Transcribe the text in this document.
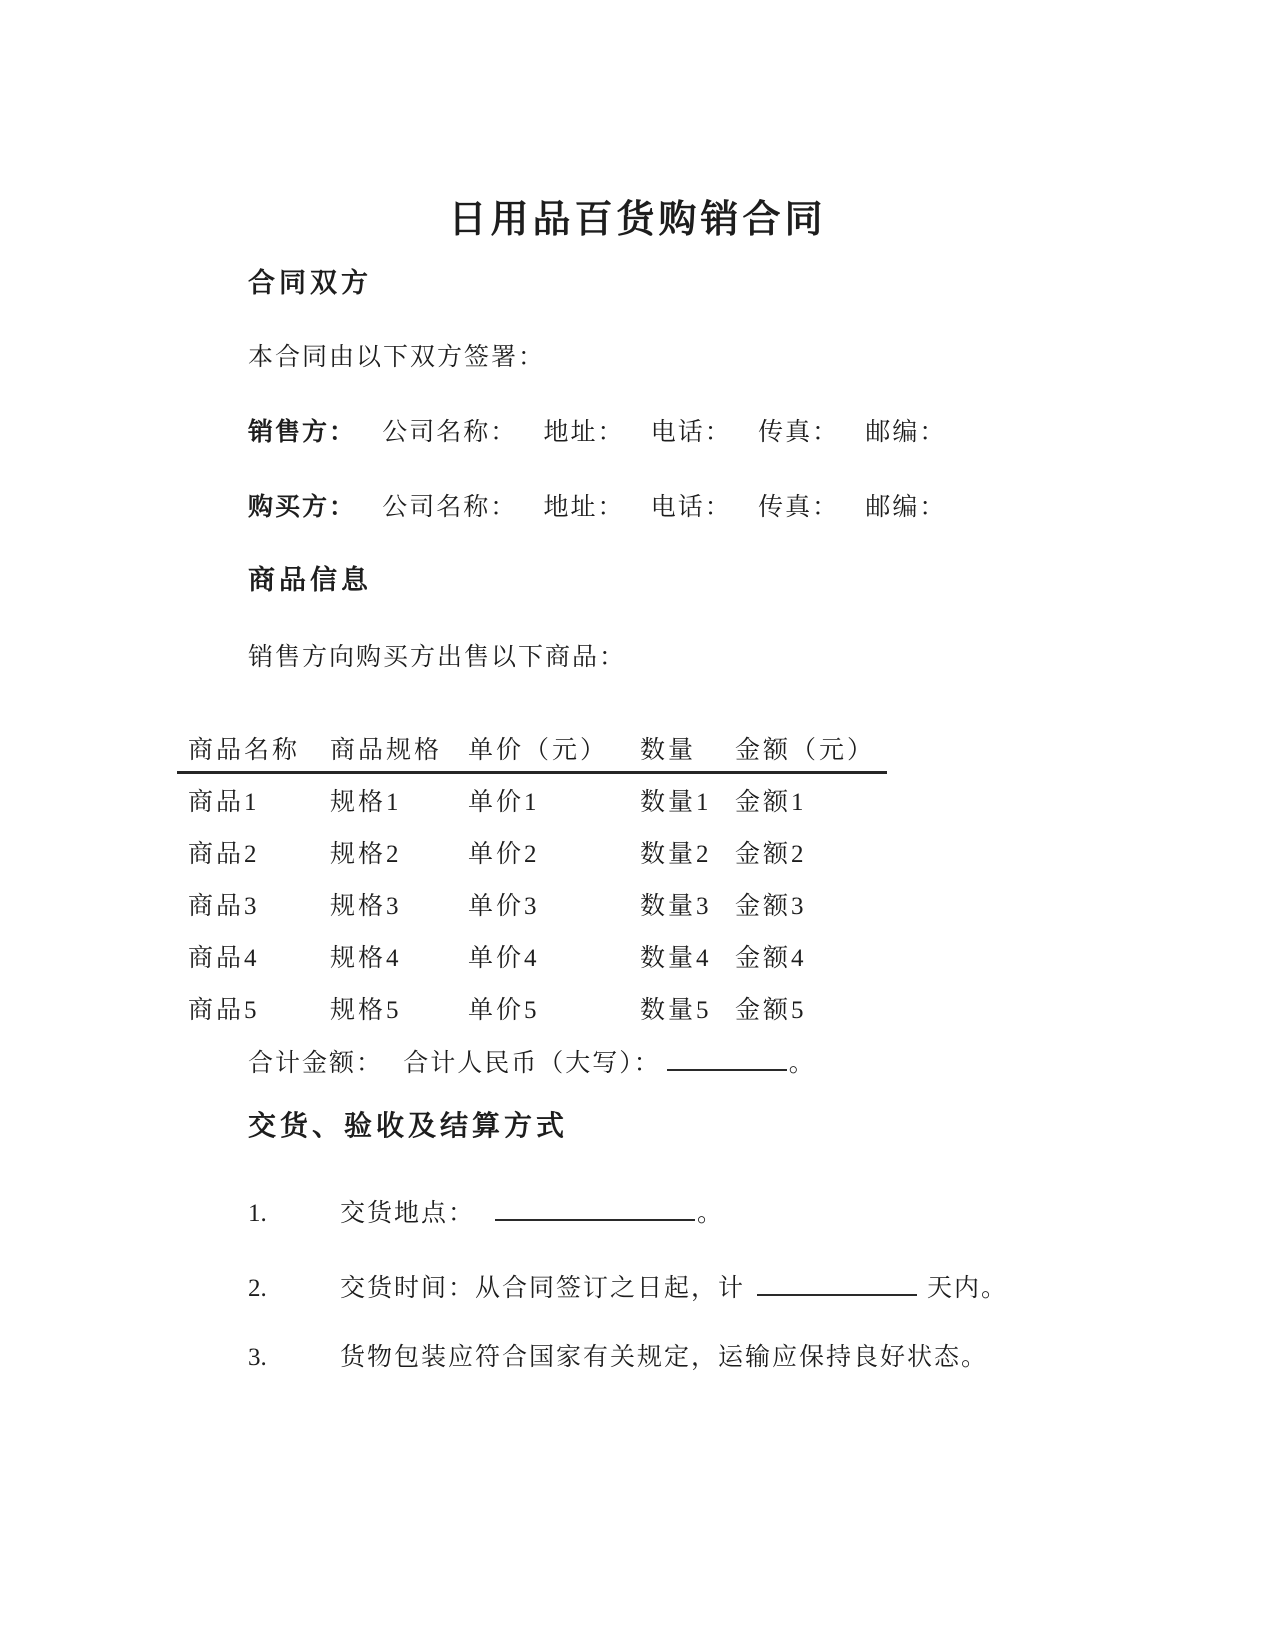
日用品百货购销合同
合同双方
本合同由以下双方签署：
销售方： 公司名称： 地址： 电话： 传真： 邮编：
购买方： 公司名称： 地址： 电话： 传真： 邮编：
商品信息
销售方向购买方出售以下商品：
商品名称	商品规格	单价（元）	数量	金额（元）
商品1	规格1	单价1	数量1	金额1
商品2	规格2	单价2	数量2	金额2
商品3	规格3	单价3	数量3	金额3
商品4	规格4	单价4	数量4	金额4
商品5	规格5	单价5	数量5	金额5
合计金额： 合计人民币（大写）：	。
交货、验收及结算方式
1.	交货地点：	。
2.	交货时间：从合同签订之日起，计	天内。
3.	货物包装应符合国家有关规定，运输应保持良好状态。
